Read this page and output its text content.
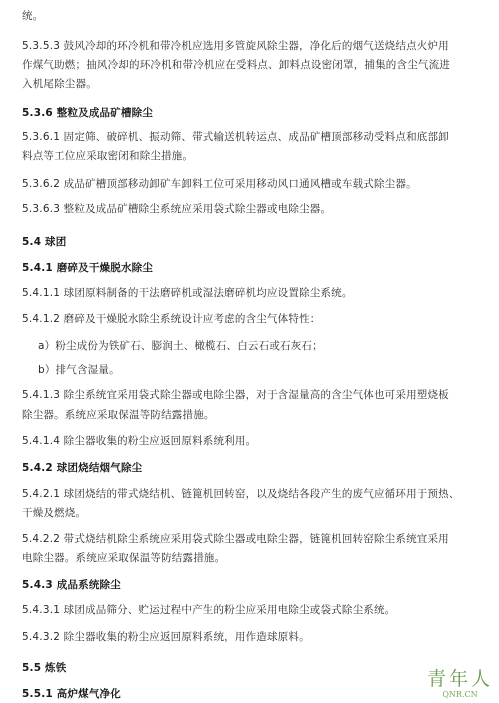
统。
5.3.5.3 鼓风冷却的环冷机和带冷机应选用多管旋风除尘器，净化后的烟气送烧结点火炉用
作煤气助燃；抽风冷却的环冷机和带冷机应在受料点、卸料点设密闭罩，捕集的含尘气流进
入机尾除尘器。
5.3.6 整粒及成品矿槽除尘
5.3.6.1 固定筛、破碎机、振动筛、带式输送机转运点、成品矿槽顶部移动受料点和底部卸
料点等工位应采取密闭和除尘措施。
5.3.6.2 成品矿槽顶部移动卸矿车卸料工位可采用移动风口通风槽或车载式除尘器。
5.3.6.3 整粒及成品矿槽除尘系统应采用袋式除尘器或电除尘器。
5.4 球团
5.4.1 磨碎及干燥脱水除尘
5.4.1.1 球团原料制备的干法磨碎机或湿法磨碎机均应设置除尘系统。
5.4.1.2 磨碎及干燥脱水除尘系统设计应考虑的含尘气体特性：
a）粉尘成份为铁矿石、膨润土、橄榄石、白云石或石灰石；
b）排气含湿量。
5.4.1.3 除尘系统宜采用袋式除尘器或电除尘器，对于含湿量高的含尘气体也可采用塑烧板
除尘器。系统应采取保温等防结露措施。
5.4.1.4 除尘器收集的粉尘应返回原料系统利用。
5.4.2 球团烧结烟气除尘
5.4.2.1 球团烧结的带式烧结机、链篦机回转窑，以及烧结各段产生的废气应循环用于预热、
干燥及燃烧。
5.4.2.2 带式烧结机除尘系统应采用袋式除尘器或电除尘器，链篦机回转窑除尘系统宜采用
电除尘器。系统应采取保温等防结露措施。
5.4.3 成品系统除尘
5.4.3.1 球团成品筛分、贮运过程中产生的粉尘应采用电除尘或袋式除尘系统。
5.4.3.2 除尘器收集的粉尘应返回原料系统，用作造球原料。
5.5 炼铁
5.5.1 高炉煤气净化
青年人
QNR.CN
